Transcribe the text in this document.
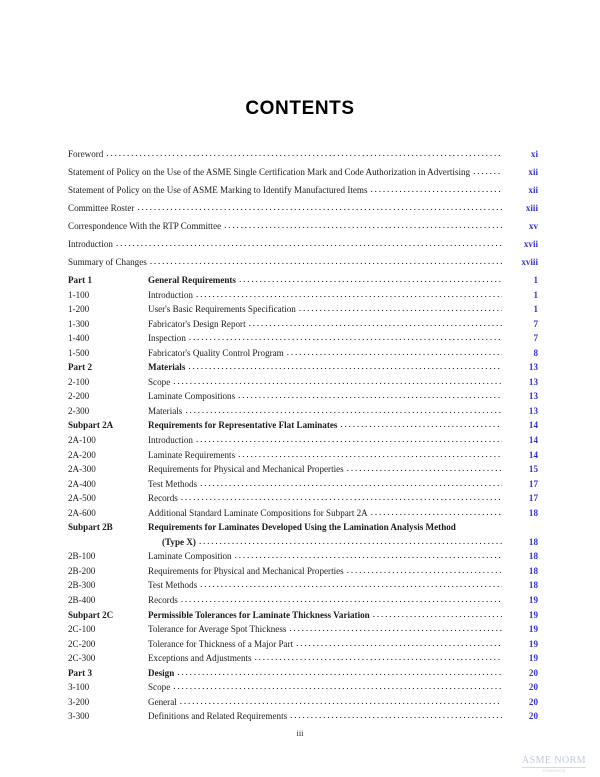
CONTENTS
Foreword .....	xi
Statement of Policy on the Use of the ASME Single Certification Mark and Code Authorization in Advertising .....	xii
Statement of Policy on the Use of ASME Marking to Identify Manufactured Items .....	xii
Committee Roster .....	xiii
Correspondence With the RTP Committee .....	xv
Introduction .....	xvii
Summary of Changes .....	xviii
Part 1	General Requirements .....	1
1-100	Introduction .....	1
1-200	User's Basic Requirements Specification .....	1
1-300	Fabricator's Design Report .....	7
1-400	Inspection .....	7
1-500	Fabricator's Quality Control Program .....	8
Part 2	Materials .....	13
2-100	Scope .....	13
2-200	Laminate Compositions .....	13
2-300	Materials .....	13
Subpart 2A	Requirements for Representative Flat Laminates .....	14
2A-100	Introduction .....	14
2A-200	Laminate Requirements .....	14
2A-300	Requirements for Physical and Mechanical Properties .....	15
2A-400	Test Methods .....	17
2A-500	Records .....	17
2A-600	Additional Standard Laminate Compositions for Subpart 2A .....	18
Subpart 2B	Requirements for Laminates Developed Using the Lamination Analysis Method
(Type X) .....	18
2B-100	Laminate Composition .....	18
2B-200	Requirements for Physical and Mechanical Properties .....	18
2B-300	Test Methods .....	18
2B-400	Records .....	19
Subpart 2C	Permissible Tolerances for Laminate Thickness Variation .....	19
2C-100	Tolerance for Average Spot Thickness .....	19
2C-200	Tolerance for Thickness of a Major Part .....	19
2C-300	Exceptions and Adjustments .....	19
Part 3	Design .....	20
3-100	Scope .....	20
3-200	General .....	20
3-300	Definitions and Related Requirements .....	20
iii
ASME NORM
STANDARDS
